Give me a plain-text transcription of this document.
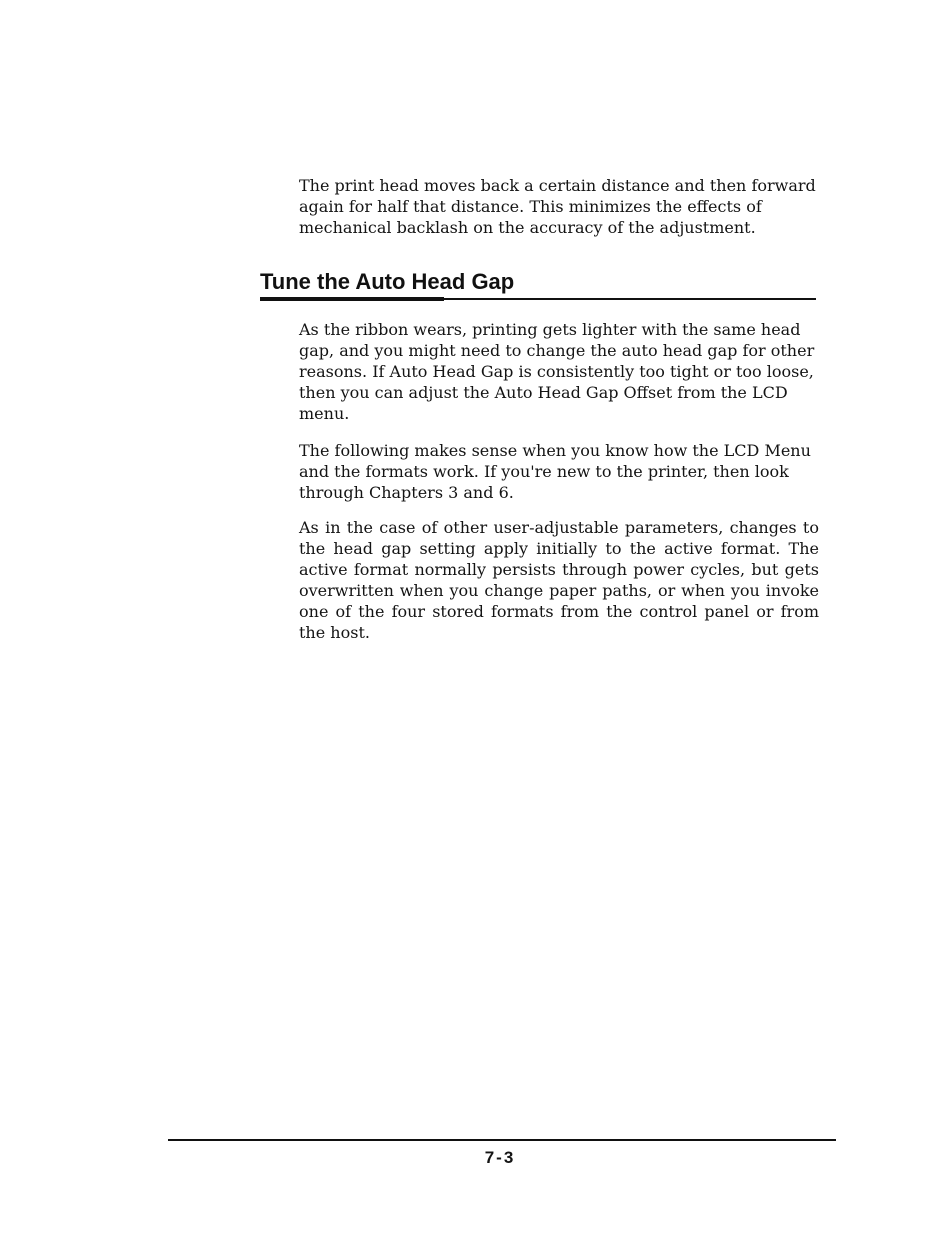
The print head moves back a certain distance and then forward again for half that distance. This minimizes the effects of mechanical backlash on the accuracy of the adjustment.

Tune the Auto Head Gap

As the ribbon wears, printing gets lighter with the same head gap, and you might need to change the auto head gap for other reasons. If Auto Head Gap is consistently too tight or too loose, then you can adjust the Auto Head Gap Offset from the LCD menu.

The following makes sense when you know how the LCD Menu and the formats work. If you're new to the printer, then look through Chapters 3 and 6.

As in the case of other user-adjustable parameters, changes to the head gap setting apply initially to the active format. The active format normally persists through power cycles, but gets overwritten when you change paper paths, or when you invoke one of the four stored formats from the control panel or from the host.

7-3
